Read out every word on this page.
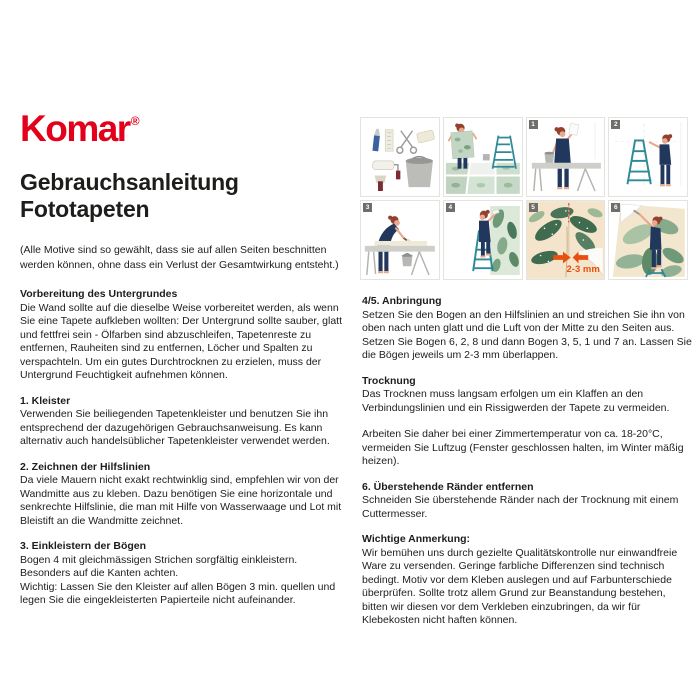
Komar®
Gebrauchsanleitung
Fototapeten
(Alle Motive sind so gewählt, dass sie auf allen Seiten beschnitten werden können, ohne dass ein Verlust der Gesamtwirkung entsteht.)
Vorbereitung des Untergrundes

Die Wand sollte auf die dieselbe Weise vorbereitet werden, als wenn Sie eine Tapete aufkleben wollten: Der Untergrund sollte sauber, glatt und fettfrei sein - Ölfarben sind abzuschleifen, Tapetenreste zu entfernen, Rauheiten sind zu entfernen, Löcher und Spalten zu verspachteln. Um ein gutes Durchtrocknen zu erzielen, muss der Untergrund Feuchtigkeit aufnehmen können.

1. Kleister

Verwenden Sie beiliegenden Tapetenkleister und benutzen Sie ihn entsprechend der dazugehörigen Gebrauchsanweisung. Es kann alternativ auch handelsüblicher Tapetenkleister verwendet werden.

2. Zeichnen der Hilfslinien

Da viele Mauern nicht exakt rechtwinklig sind, empfehlen wir von der Wandmitte aus zu kleben. Dazu benötigen Sie eine horizontale und senkrechte Hilfslinie, die man mit Hilfe von Wasserwaage und Lot mit Bleistift an die Wandmitte zeichnet.

3. Einkleistern der Bögen

Bogen 4 mit gleichmässigen Strichen sorgfältig einkleistern. Besonders auf die Kanten achten.

Wichtig: Lassen Sie den Kleister auf allen Bögen 3 min. quellen und legen Sie die eingekleisterten Papierteile nicht aufeinander.

4/5. Anbringung

Setzen Sie den Bogen an den Hilfslinien an und streichen Sie ihn von oben nach unten glatt und die Luft von der Mitte zu den Seiten aus. Setzen Sie Bogen 6, 2, 8 und dann Bogen 3, 5, 1 und 7 an. Lassen Sie die Bögen jeweils um 2-3 mm überlappen.

Trocknung

Das Trocknen muss langsam erfolgen um ein Klaffen an den Verbindungslinien und ein Rissigwerden der Tapete zu vermeiden.

Arbeiten Sie daher bei einer Zimmertemperatur von ca. 18-20°C, vermeiden Sie Luftzug (Fenster geschlossen halten, im Winter mäßig heizen).

6. Überstehende Ränder entfernen

Schneiden Sie überstehende Ränder nach der Trocknung mit einem Cuttermesser.

Wichtige Anmerkung:

Wir bemühen uns durch gezielte Qualitätskontrolle nur einwandfreie Ware zu versenden. Geringe farbliche Differenzen sind technisch bedingt. Motiv vor dem Kleben auslegen und auf Farbunterschiede überprüfen. Sollte trotz allem Grund zur Beanstandung bestehen, bitten wir diesen vor dem Verkleben einzubringen, da wir für Klebekosten nicht haften können.

1	2
3	4
2-3 mm
5	6
